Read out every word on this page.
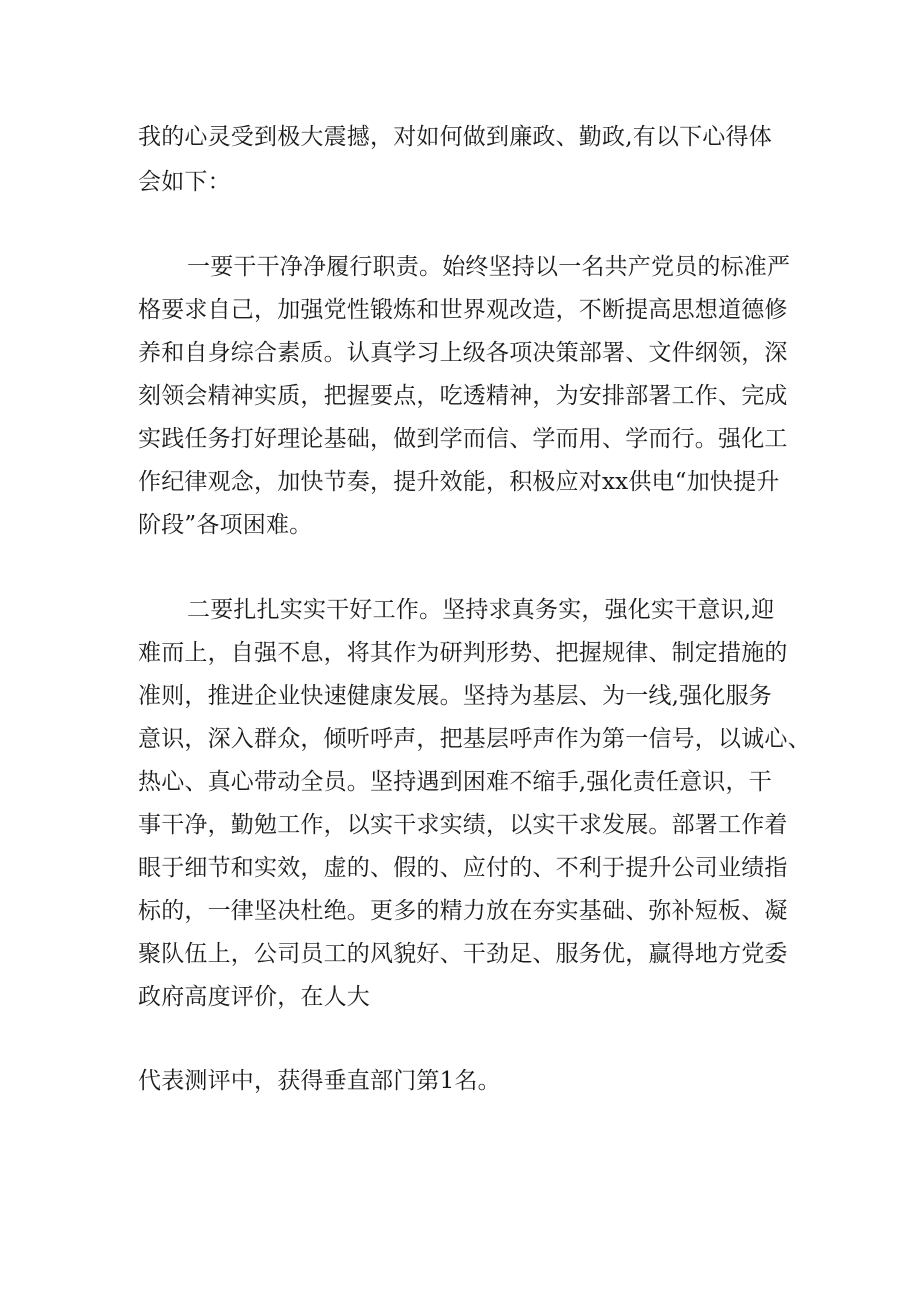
我的心灵受到极大震撼，对如何做到廉政、勤政,有以下心得体
会如下：
一要干干净净履行职责。始终坚持以一名共产党员的标准严
格要求自己，加强党性锻炼和世界观改造，不断提高思想道德修
养和自身综合素质。认真学习上级各项决策部署、文件纲领，深
刻领会精神实质，把握要点，吃透精神，为安排部署工作、完成
实践任务打好理论基础，做到学而信、学而用、学而行。强化工
作纪律观念，加快节奏，提升效能，积极应对xx供电“加快提升
阶段”各项困难。
二要扎扎实实干好工作。坚持求真务实，强化实干意识,迎
难而上，自强不息，将其作为研判形势、把握规律、制定措施的
准则，推进企业快速健康发展。坚持为基层、为一线,强化服务
意识，深入群众，倾听呼声，把基层呼声作为第一信号，以诚心、
热心、真心带动全员。坚持遇到困难不缩手,强化责任意识，干
事干净，勤勉工作，以实干求实绩，以实干求发展。部署工作着
眼于细节和实效，虚的、假的、应付的、不利于提升公司业绩指
标的，一律坚决杜绝。更多的精力放在夯实基础、弥补短板、凝
聚队伍上，公司员工的风貌好、干劲足、服务优，赢得地方党委
政府高度评价，在人大
代表测评中，获得垂直部门第1名。
